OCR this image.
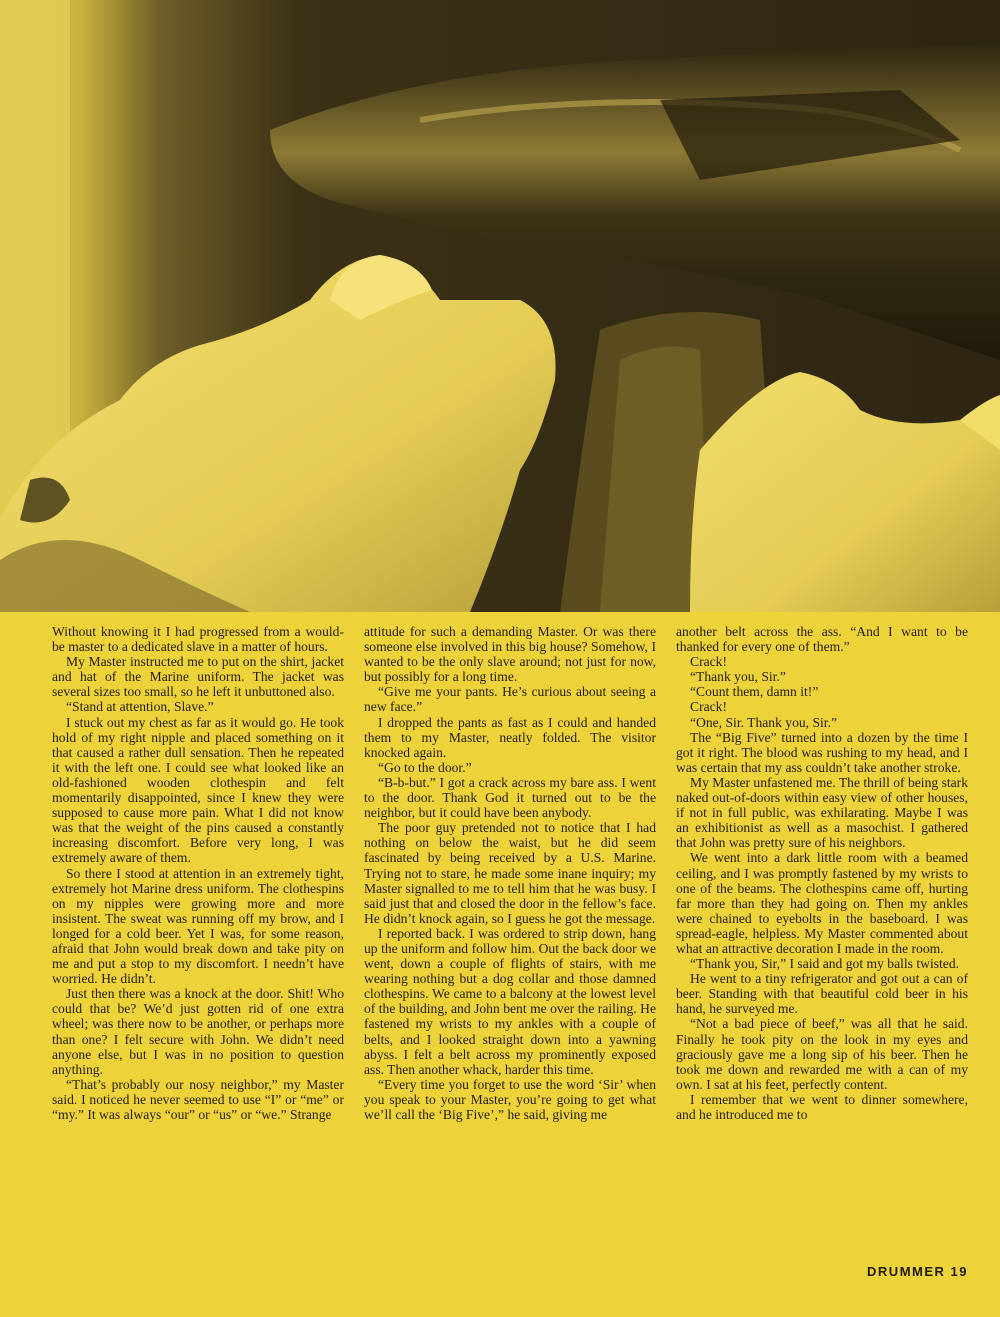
Without knowing it I had progressed from a would-be master to a dedicated slave in a matter of hours.

My Master instructed me to put on the shirt, jacket and hat of the Marine uniform. The jacket was several sizes too small, so he left it unbuttoned also.

“Stand at attention, Slave.”

I stuck out my chest as far as it would go. He took hold of my right nipple and placed something on it that caused a rather dull sensation. Then he repeated it with the left one. I could see what looked like an old-fashioned wooden clothespin and felt momentarily disappointed, since I knew they were supposed to cause more pain. What I did not know was that the weight of the pins caused a constantly increasing discomfort. Before very long, I was extremely aware of them.

So there I stood at attention in an extremely tight, extremely hot Marine dress uniform. The clothespins on my nipples were growing more and more insistent. The sweat was running off my brow, and I longed for a cold beer. Yet I was, for some reason, afraid that John would break down and take pity on me and put a stop to my discomfort. I needn’t have worried. He didn’t.

Just then there was a knock at the door. Shit! Who could that be? We’d just gotten rid of one extra wheel; was there now to be another, or perhaps more than one? I felt secure with John. We didn’t need anyone else, but I was in no position to question anything.

“That’s probably our nosy neighbor,” my Master said. I noticed he never seemed to use “I” or “me” or “my.” It was always “our” or “us” or “we.” Strange

attitude for such a demanding Master. Or was there someone else involved in this big house? Somehow, I wanted to be the only slave around; not just for now, but possibly for a long time.

“Give me your pants. He’s curious about seeing a new face.”

I dropped the pants as fast as I could and handed them to my Master, neatly folded. The visitor knocked again.

“Go to the door.”

“B-b-but.” I got a crack across my bare ass. I went to the door. Thank God it turned out to be the neighbor, but it could have been anybody.

The poor guy pretended not to notice that I had nothing on below the waist, but he did seem fascinated by being received by a U.S. Marine. Trying not to stare, he made some inane inquiry; my Master signalled to me to tell him that he was busy. I said just that and closed the door in the fellow’s face. He didn’t knock again, so I guess he got the message.

I reported back. I was ordered to strip down, hang up the uniform and follow him. Out the back door we went, down a couple of flights of stairs, with me wearing nothing but a dog collar and those damned clothespins. We came to a balcony at the lowest level of the building, and John bent me over the railing. He fastened my wrists to my ankles with a couple of belts, and I looked straight down into a yawning abyss. I felt a belt across my prominently exposed ass. Then another whack, harder this time.

“Every time you forget to use the word ‘Sir’ when you speak to your Master, you’re going to get what we’ll call the ‘Big Five’,” he said, giving me

another belt across the ass. “And I want to be thanked for every one of them.”

Crack!

“Thank you, Sir.”

“Count them, damn it!”

Crack!

“One, Sir. Thank you, Sir.”

The “Big Five” turned into a dozen by the time I got it right. The blood was rushing to my head, and I was certain that my ass couldn’t take another stroke.

My Master unfastened me. The thrill of being stark naked out-of-doors within easy view of other houses, if not in full public, was exhilarating. Maybe I was an exhibitionist as well as a masochist. I gathered that John was pretty sure of his neighbors.

We went into a dark little room with a beamed ceiling, and I was promptly fastened by my wrists to one of the beams. The clothespins came off, hurting far more than they had going on. Then my ankles were chained to eyebolts in the baseboard. I was spread-eagle, helpless. My Master commented about what an attractive decoration I made in the room.

“Thank you, Sir,” I said and got my balls twisted.

He went to a tiny refrigerator and got out a can of beer. Standing with that beautiful cold beer in his hand, he surveyed me.

“Not a bad piece of beef,” was all that he said. Finally he took pity on the look in my eyes and graciously gave me a long sip of his beer. Then he took me down and rewarded me with a can of my own. I sat at his feet, perfectly content.

I remember that we went to dinner somewhere, and he introduced me to

DRUMMER 19
